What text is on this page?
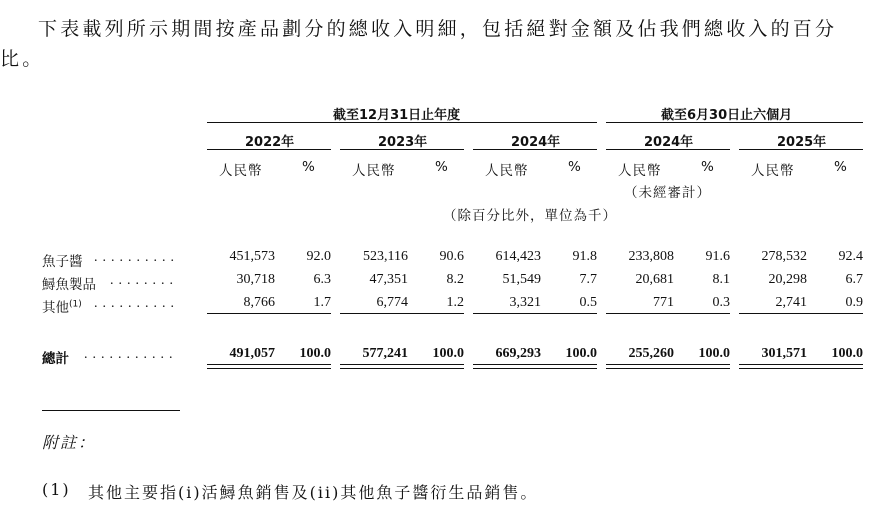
下表載列所示期間按產品劃分的總收入明細，包括絕對金額及佔我們總收入的百分比。
截至12月31日止年度	截至6月30日止六個月
2022年	2023年	2024年	2024年	2025年
人民幣	%	人民幣	%	人民幣	%	人民幣	%	人民幣	%
（未經審計）
（除百分比外，單位為千）
魚子醬 ..........	451,573	92.0	523,116	90.6	614,423	91.8	233,808	91.6	278,532	92.4
鱘魚製品 ........	30,718	6.3	47,351	8.2	51,549	7.7	20,681	8.1	20,298	6.7
其他$^{(1)}$ ..........	8,766	1.7	6,774	1.2	3,321	0.5	771	0.3	2,741	0.9
總計 ...........	491,057	100.0	577,241	100.0	669,293	100.0	255,260	100.0	301,571	100.0
附註：
(1) 其他主要指(i)活鱘魚銷售及(ii)其他魚子醬衍生品銷售。
